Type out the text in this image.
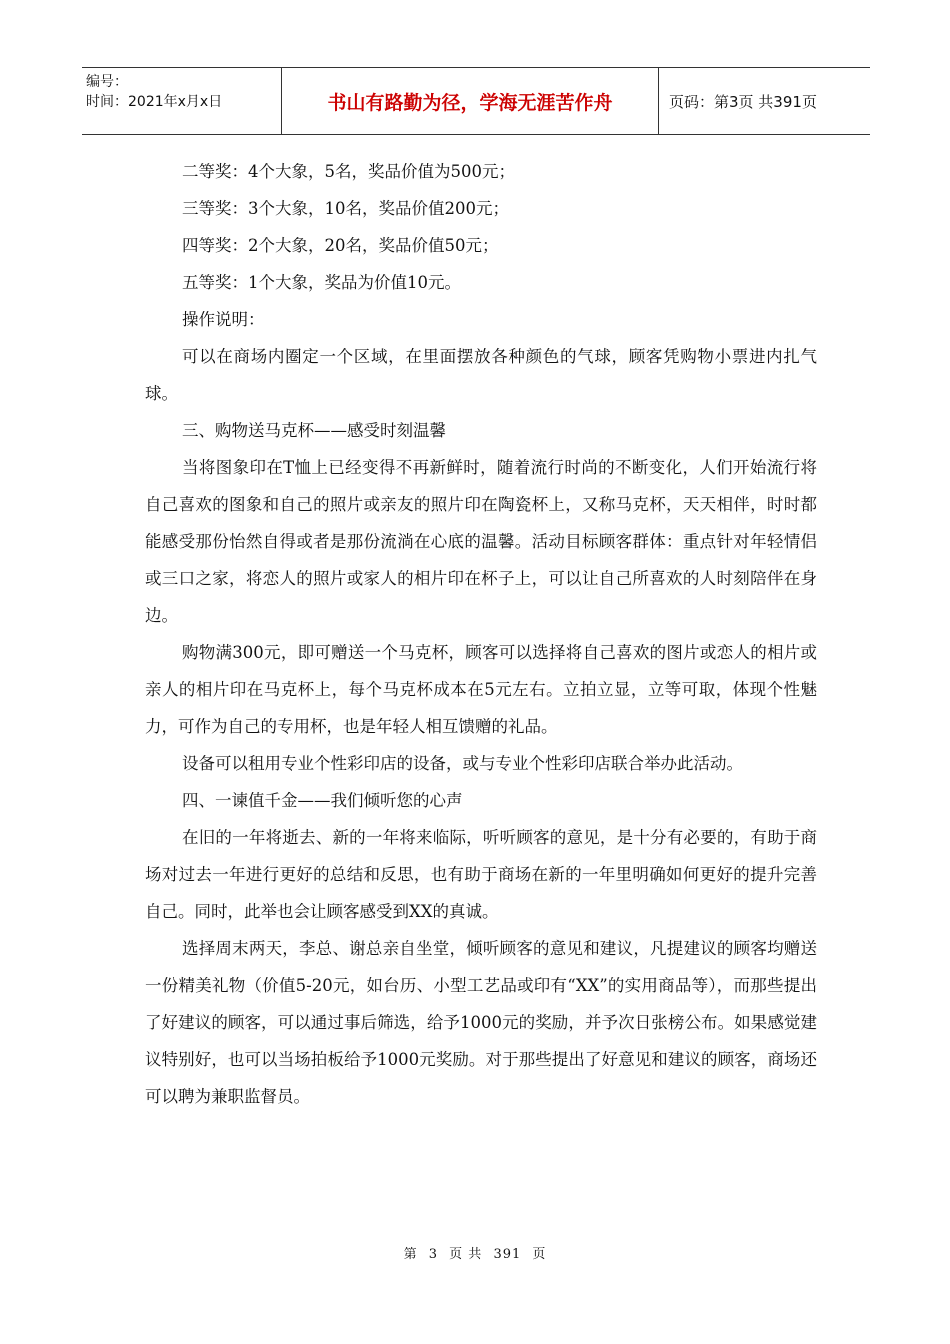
编号：
时间：2021年x月x日	书山有路勤为径，学海无涯苦作舟	页码：第3页 共391页

二等奖：4个大象，5名，奖品价值为500元；

三等奖：3个大象，10名，奖品价值200元；

四等奖：2个大象，20名，奖品价值50元；

五等奖：1个大象，奖品为价值10元。

操作说明：

可以在商场内圈定一个区域，在里面摆放各种颜色的气球，顾客凭购物小票进内扎气球。

三、购物送马克杯——感受时刻温馨

当将图象印在T恤上已经变得不再新鲜时，随着流行时尚的不断变化，人们开始流行将自己喜欢的图象和自己的照片或亲友的照片印在陶瓷杯上，又称马克杯，天天相伴，时时都能感受那份怡然自得或者是那份流淌在心底的温馨。活动目标顾客群体：重点针对年轻情侣或三口之家，将恋人的照片或家人的相片印在杯子上，可以让自己所喜欢的人时刻陪伴在身边。

购物满300元，即可赠送一个马克杯，顾客可以选择将自己喜欢的图片或恋人的相片或亲人的相片印在马克杯上，每个马克杯成本在5元左右。立拍立显，立等可取，体现个性魅力，可作为自己的专用杯，也是年轻人相互馈赠的礼品。

设备可以租用专业个性彩印店的设备，或与专业个性彩印店联合举办此活动。

四、一谏值千金——我们倾听您的心声

在旧的一年将逝去、新的一年将来临际，听听顾客的意见，是十分有必要的，有助于商场对过去一年进行更好的总结和反思，也有助于商场在新的一年里明确如何更好的提升完善自己。同时，此举也会让顾客感受到XX的真诚。

选择周末两天，李总、谢总亲自坐堂，倾听顾客的意见和建议，凡提建议的顾客均赠送一份精美礼物（价值5-20元，如台历、小型工艺品或印有“XX”的实用商品等），而那些提出了好建议的顾客，可以通过事后筛选，给予1000元的奖励，并予次日张榜公布。如果感觉建议特别好，也可以当场拍板给予1000元奖励。对于那些提出了好意见和建议的顾客，商场还可以聘为兼职监督员。

第 3 页 共 391 页
